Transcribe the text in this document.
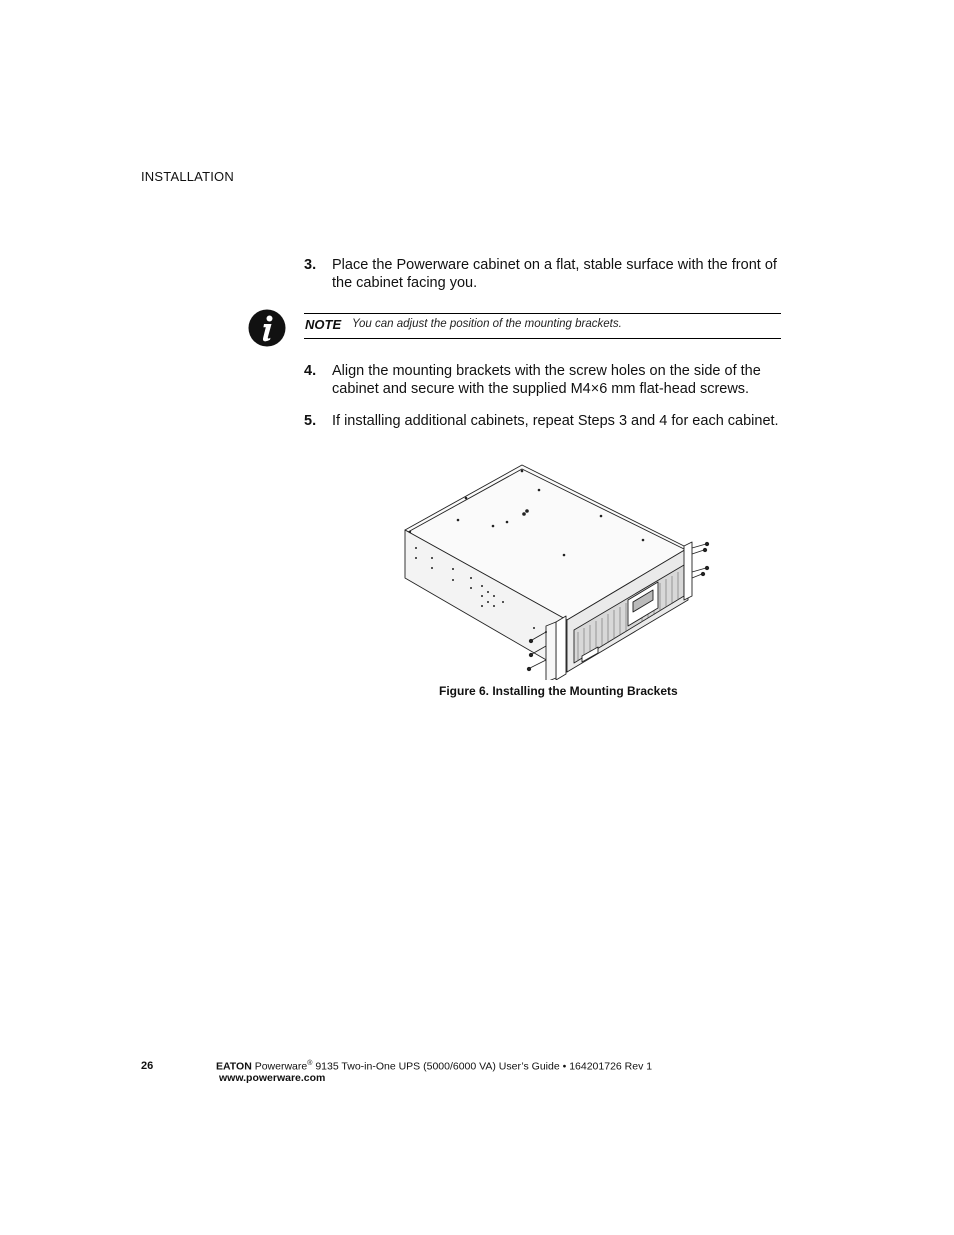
INSTALLATION
3. Place the Powerware cabinet on a flat, stable surface with the front of the cabinet facing you.
NOTE You can adjust the position of the mounting brackets.
4. Align the mounting brackets with the screw holes on the side of the cabinet and secure with the supplied M4×6 mm flat-head screws.
5. If installing additional cabinets, repeat Steps 3 and 4 for each cabinet.
Figure 6. Installing the Mounting Brackets
26	EATON Powerware® 9135 Two-in-One UPS (5000/6000 VA) User’s Guide • 164201726 Rev 1
www.powerware.com
